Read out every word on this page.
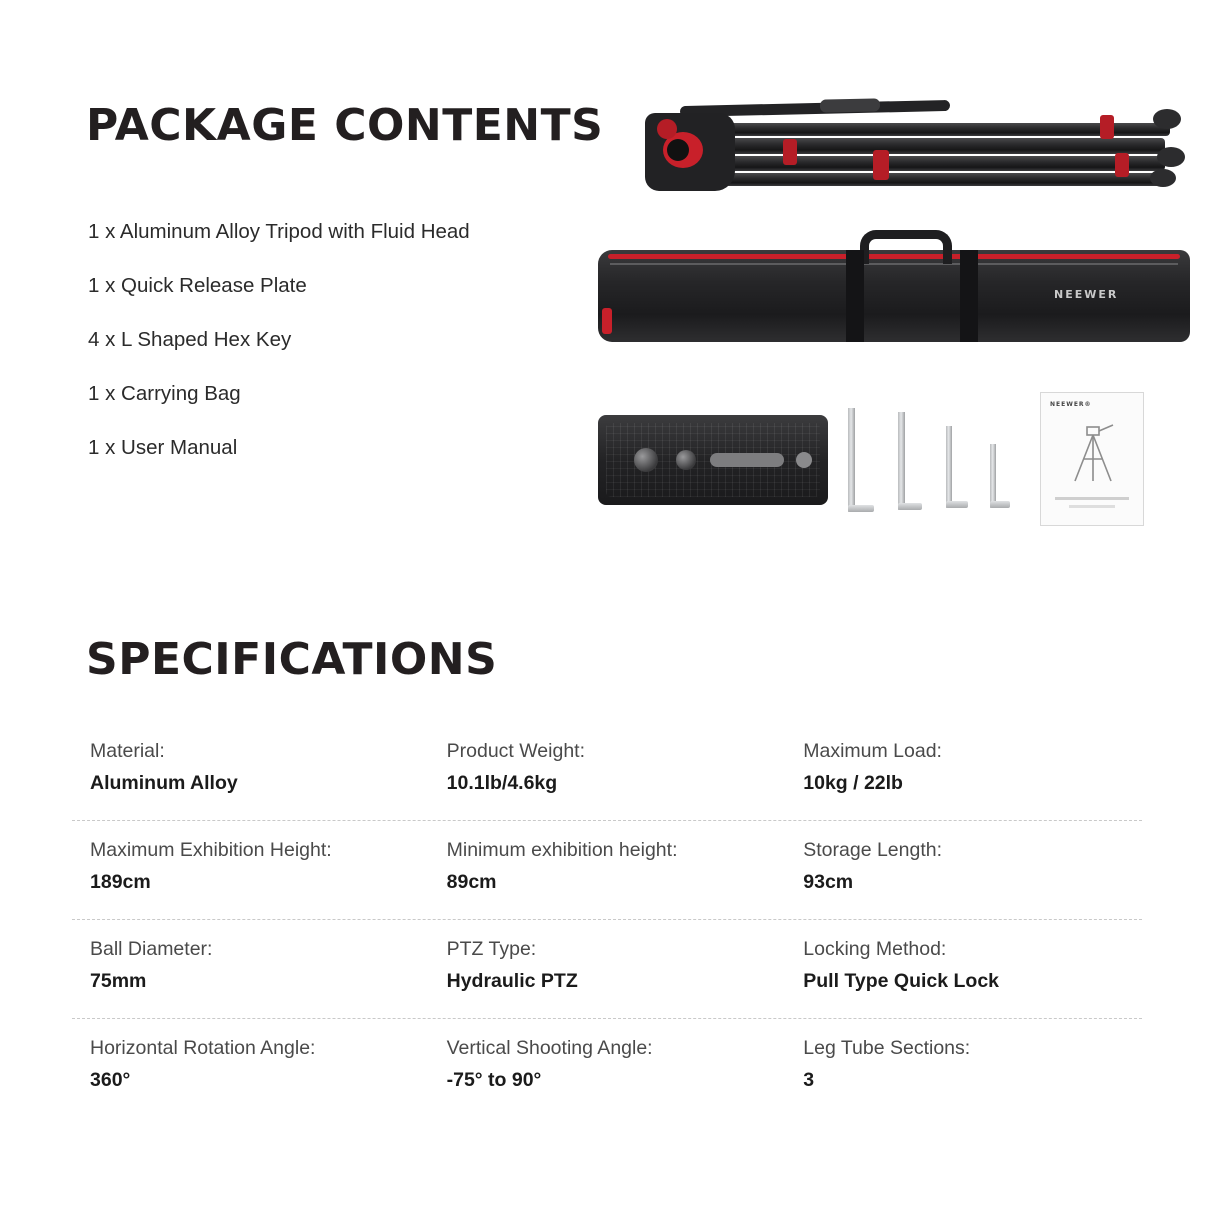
PACKAGE CONTENTS
1 x Aluminum Alloy Tripod with Fluid Head
1 x Quick Release Plate
4 x L Shaped Hex Key
1 x Carrying Bag
1 x User Manual
NEEWER
NEEWER®
SPECIFICATIONS
Material:
Aluminum Alloy
Product Weight:
10.1lb/4.6kg
Maximum Load:
10kg / 22lb
Maximum Exhibition Height:
189cm
Minimum exhibition height:
89cm
Storage Length:
93cm
Ball Diameter:
75mm
PTZ Type:
Hydraulic PTZ
Locking Method:
Pull Type Quick Lock
Horizontal Rotation Angle:
360°
Vertical Shooting Angle:
-75° to 90°
Leg Tube Sections:
3
